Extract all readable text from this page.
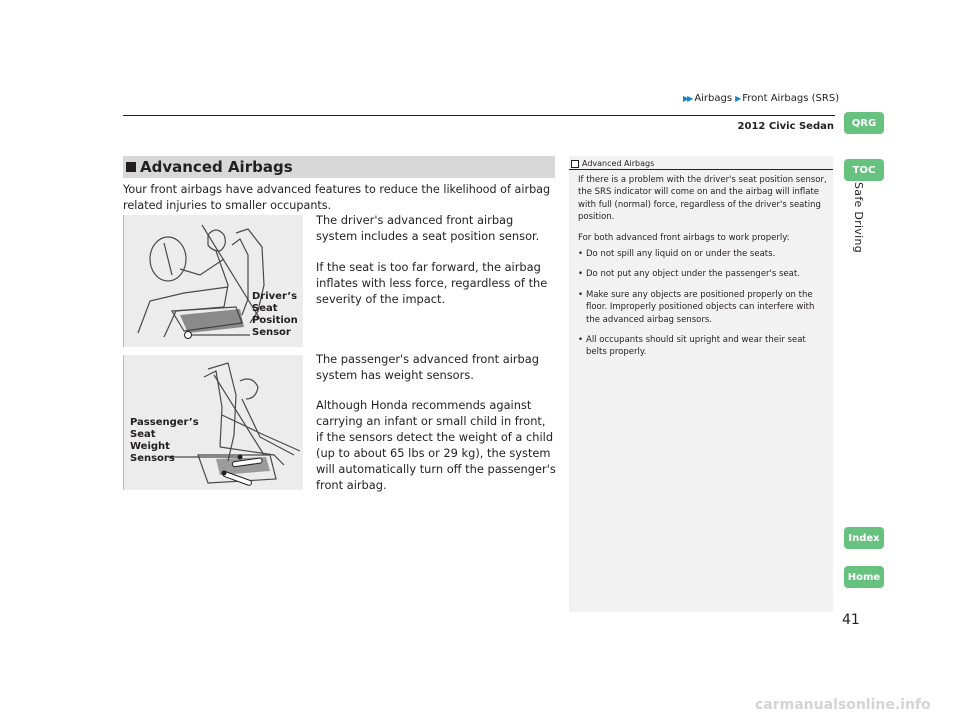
▶▶ Airbags ▶ Front Airbags (SRS)
2012 Civic Sedan	QRG
TOC
Safe Driving
Index
Home
Advanced Airbags
Your front airbags have advanced features to reduce the likelihood of airbag related injuries to smaller occupants.
Driver’s
Seat
Position
Sensor
Passenger’s
Seat
Weight
Sensors
The driver's advanced front airbag system includes a seat position sensor.
If the seat is too far forward, the airbag inflates with less force, regardless of the severity of the impact.
The passenger's advanced front airbag system has weight sensors.
Although Honda recommends against carrying an infant or small child in front, if the sensors detect the weight of a child (up to about 65 lbs or 29 kg), the system will automatically turn off the passenger's front airbag.
Advanced Airbags

If there is a problem with the driver's seat position sensor, the SRS indicator will come on and the airbag will inflate with full (normal) force, regardless of the driver's seating position.

For both advanced front airbags to work properly:

• Do not spill any liquid on or under the seats.
• Do not put any object under the passenger's seat.
• Make sure any objects are positioned properly on the floor. Improperly positioned objects can interfere with the advanced airbag sensors.
• All occupants should sit upright and wear their seat belts properly.
41
carmanualsonline.info
